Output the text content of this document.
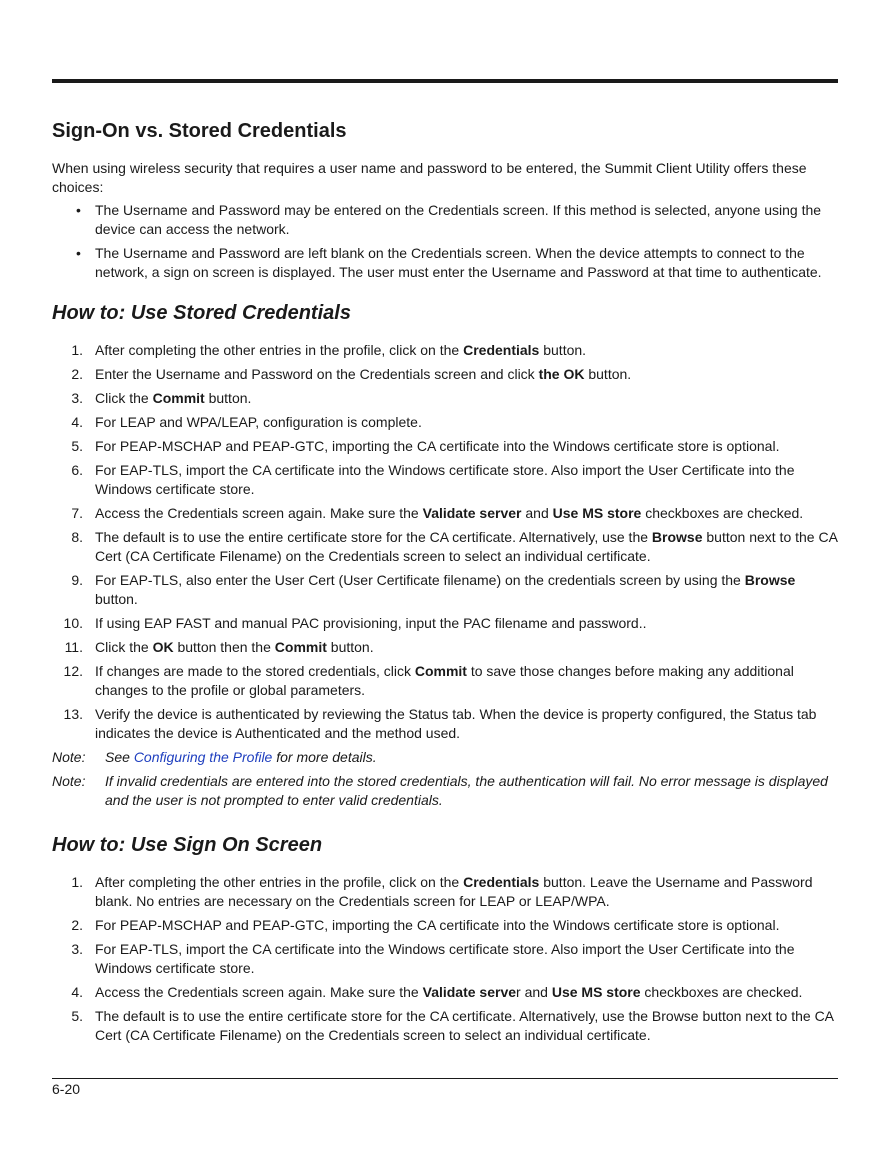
Sign-On vs. Stored Credentials

When using wireless security that requires a user name and password to be entered, the Summit Client Utility offers these choices:

• The Username and Password may be entered on the Credentials screen. If this method is selected, anyone using the device can access the network.
• The Username and Password are left blank on the Credentials screen. When the device attempts to connect to the network, a sign on screen is displayed. The user must enter the Username and Password at that time to authenticate.
How to: Use Stored Credentials
1. After completing the other entries in the profile, click on the Credentials button.
2. Enter the Username and Password on the Credentials screen and click the OK button.
3. Click the Commit button.
4. For LEAP and WPA/LEAP, configuration is complete.
5. For PEAP-MSCHAP and PEAP-GTC, importing the CA certificate into the Windows certificate store is optional.
6. For EAP-TLS, import the CA certificate into the Windows certificate store. Also import the User Certificate into the Windows certificate store.
7. Access the Credentials screen again. Make sure the Validate server and Use MS store checkboxes are checked.
8. The default is to use the entire certificate store for the CA certificate. Alternatively, use the Browse button next to the CA Cert (CA Certificate Filename) on the Credentials screen to select an individual certificate.
9. For EAP-TLS, also enter the User Cert (User Certificate filename) on the credentials screen by using the Browse button.
10. If using EAP FAST and manual PAC provisioning, input the PAC filename and password..
11. Click the OK button then the Commit button.
12. If changes are made to the stored credentials, click Commit to save those changes before making any additional changes to the profile or global parameters.
13. Verify the device is authenticated by reviewing the Status tab. When the device is property configured, the Status tab indicates the device is Authenticated and the method used.
Note: See Configuring the Profile for more details.
Note: If invalid credentials are entered into the stored credentials, the authentication will fail. No error message is displayed and the user is not prompted to enter valid credentials.
How to: Use Sign On Screen
1. After completing the other entries in the profile, click on the Credentials button. Leave the Username and Password blank. No entries are necessary on the Credentials screen for LEAP or LEAP/WPA.
2. For PEAP-MSCHAP and PEAP-GTC, importing the CA certificate into the Windows certificate store is optional.
3. For EAP-TLS, import the CA certificate into the Windows certificate store. Also import the User Certificate into the Windows certificate store.
4. Access the Credentials screen again. Make sure the Validate server and Use MS store checkboxes are checked.
5. The default is to use the entire certificate store for the CA certificate. Alternatively, use the Browse button next to the CA Cert (CA Certificate Filename) on the Credentials screen to select an individual certificate.
6-20
